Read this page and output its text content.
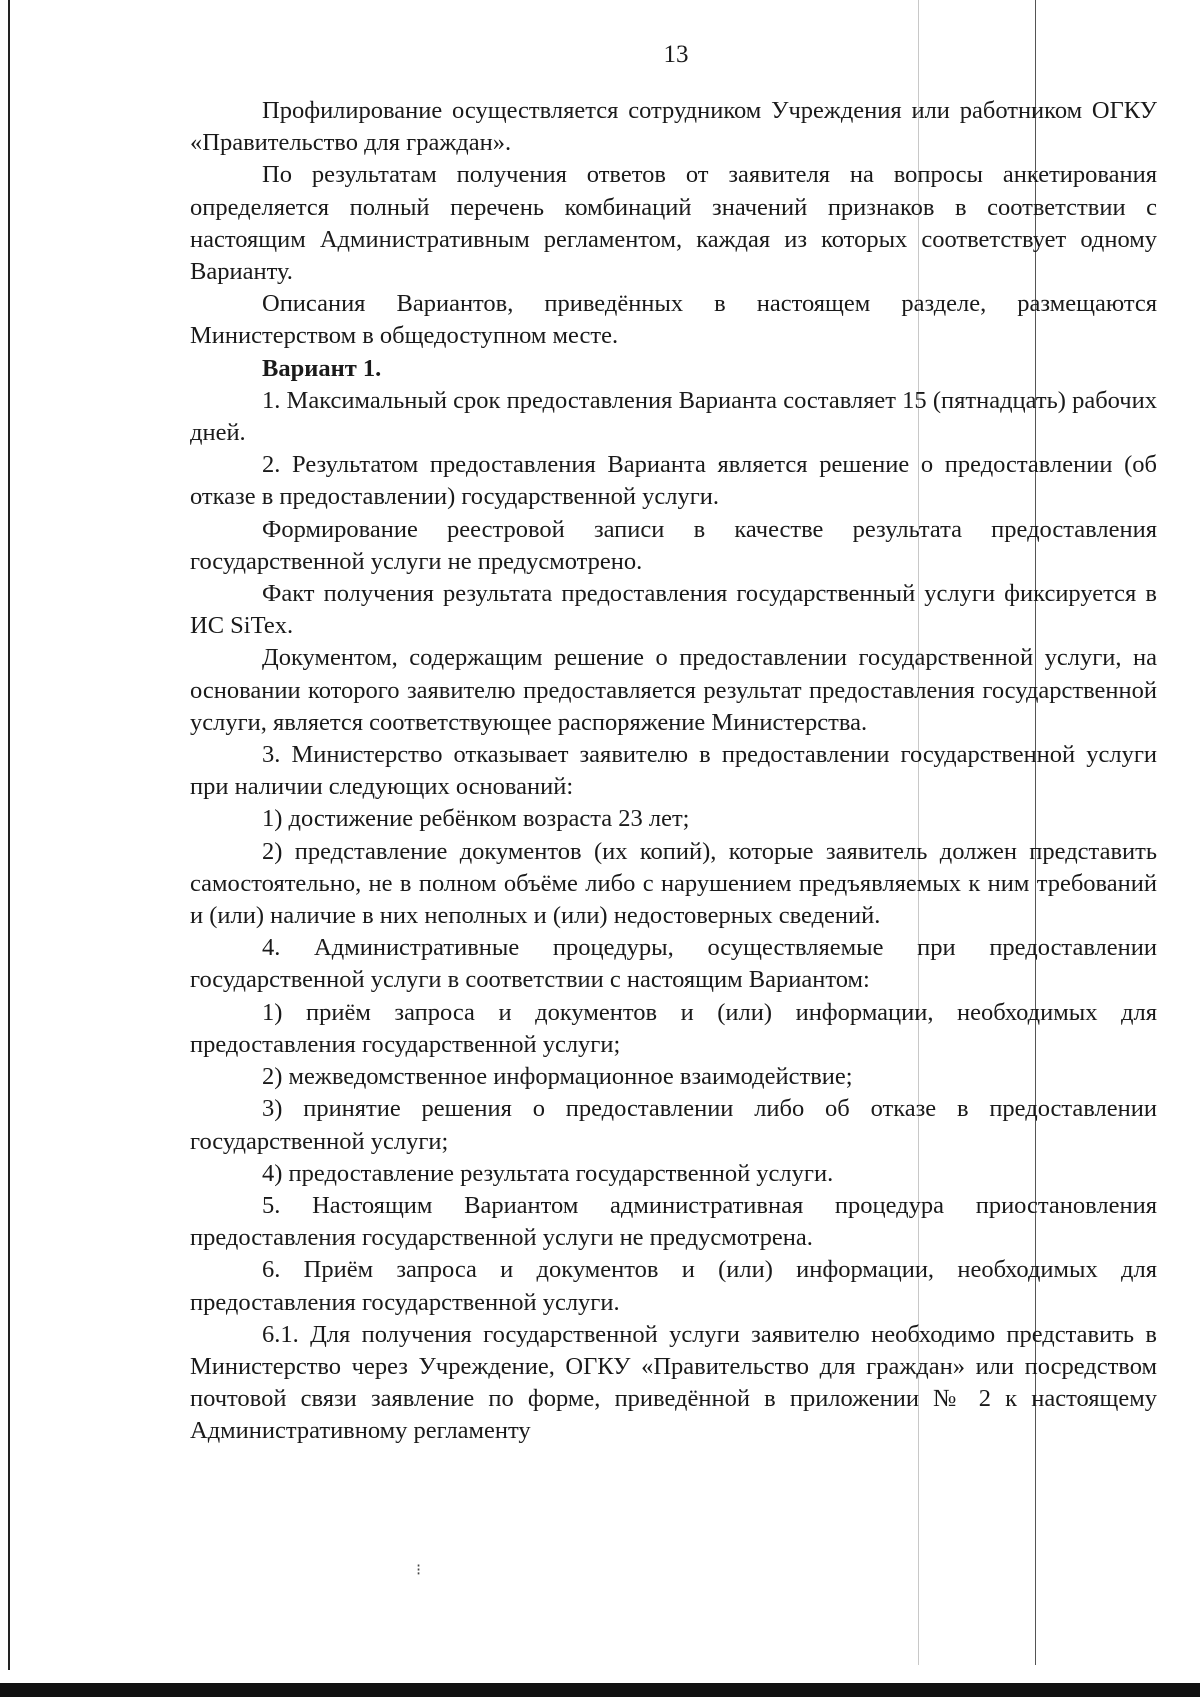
13

Профилирование осуществляется сотрудником Учреждения или работником ОГКУ «Правительство для граждан».

По результатам получения ответов от заявителя на вопросы анкетирования определяется полный перечень комбинаций значений признаков в соответствии с настоящим Административным регламентом, каждая из которых соответствует одному Варианту.

Описания Вариантов, приведённых в настоящем разделе, размещаются Министерством в общедоступном месте.

Вариант 1.

1. Максимальный срок предоставления Варианта составляет 15 (пятнадцать) рабочих дней.

2. Результатом предоставления Варианта является решение о предоставлении (об отказе в предоставлении) государственной услуги.

Формирование реестровой записи в качестве результата предоставления государственной услуги не предусмотрено.

Факт получения результата предоставления государственный услуги фиксируется в ИС SiTex.

Документом, содержащим решение о предоставлении государственной услуги, на основании которого заявителю предоставляется результат предоставления государственной услуги, является соответствующее распоряжение Министерства.

3. Министерство отказывает заявителю в предоставлении государственной услуги при наличии следующих оснований:

1) достижение ребёнком возраста 23 лет;

2) представление документов (их копий), которые заявитель должен представить самостоятельно, не в полном объёме либо с нарушением предъявляемых к ним требований и (или) наличие в них неполных и (или) недостоверных сведений.

4. Административные процедуры, осуществляемые при предоставлении государственной услуги в соответствии с настоящим Вариантом:

1) приём запроса и документов и (или) информации, необходимых для предоставления государственной услуги;

2) межведомственное информационное взаимодействие;

3) принятие решения о предоставлении либо об отказе в предоставлении государственной услуги;

4) предоставление результата государственной услуги.

5. Настоящим Вариантом административная процедура приостановления предоставления государственной услуги не предусмотрена.

6. Приём запроса и документов и (или) информации, необходимых для предоставления государственной услуги.

6.1. Для получения государственной услуги заявителю необходимо представить в Министерство через Учреждение, ОГКУ «Правительство для граждан» или посредством почтовой связи заявление по форме, приведённой в приложении № 2 к настоящему Административному регламенту

⁝
